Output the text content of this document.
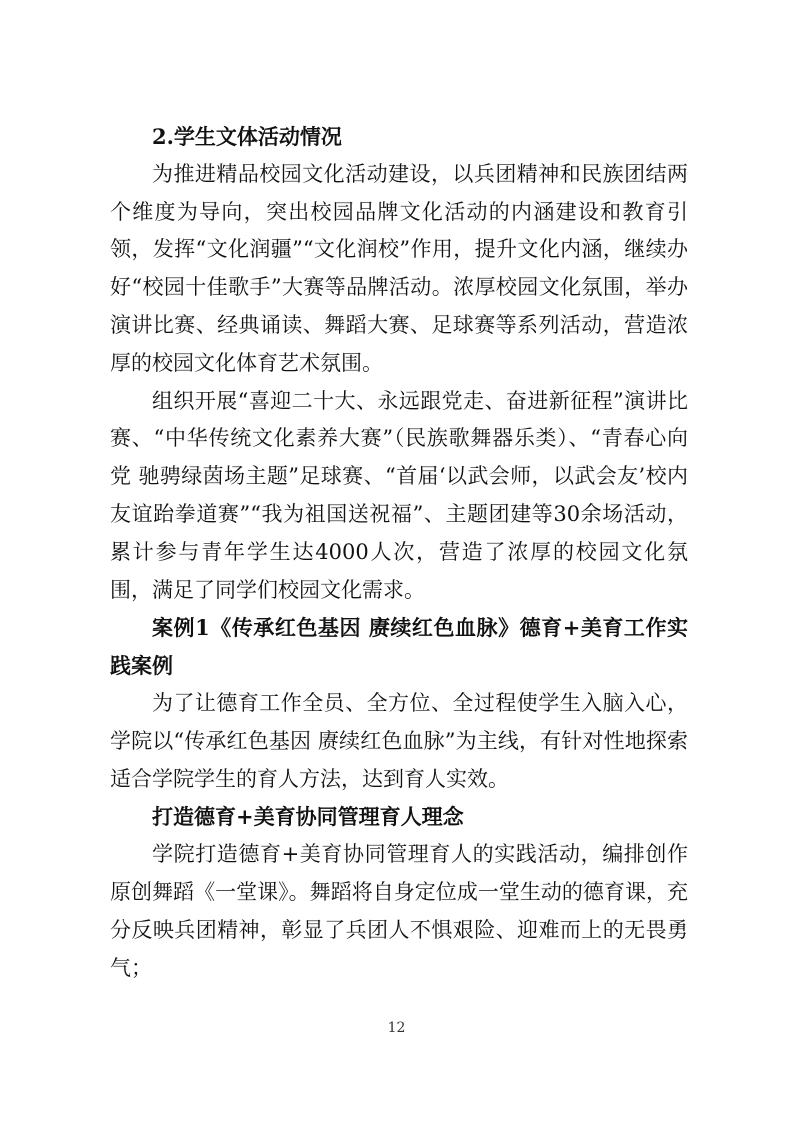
2.学生文体活动情况

为推进精品校园文化活动建设，以兵团精神和民族团结两个维度为导向，突出校园品牌文化活动的内涵建设和教育引领，发挥“文化润疆”“文化润校”作用，提升文化内涵，继续办好“校园十佳歌手”大赛等品牌活动。浓厚校园文化氛围，举办演讲比赛、经典诵读、舞蹈大赛、足球赛等系列活动，营造浓厚的校园文化体育艺术氛围。

组织开展“喜迎二十大、永远跟党走、奋进新征程”演讲比赛、“中华传统文化素养大赛”（民族歌舞器乐类）、“青春心向党 驰骋绿茵场主题”足球赛、“首届‘以武会师，以武会友’校内友谊跆拳道赛”“我为祖国送祝福”、主题团建等30余场活动，累计参与青年学生达4000人次，营造了浓厚的校园文化氛围，满足了同学们校园文化需求。

案例1《传承红色基因 赓续红色血脉》德育+美育工作实践案例

为了让德育工作全员、全方位、全过程使学生入脑入心，学院以“传承红色基因 赓续红色血脉”为主线，有针对性地探索适合学院学生的育人方法，达到育人实效。

打造德育+美育协同管理育人理念

学院打造德育+美育协同管理育人的实践活动，编排创作原创舞蹈《一堂课》。舞蹈将自身定位成一堂生动的德育课，充分反映兵团精神，彰显了兵团人不惧艰险、迎难而上的无畏勇气；

12
